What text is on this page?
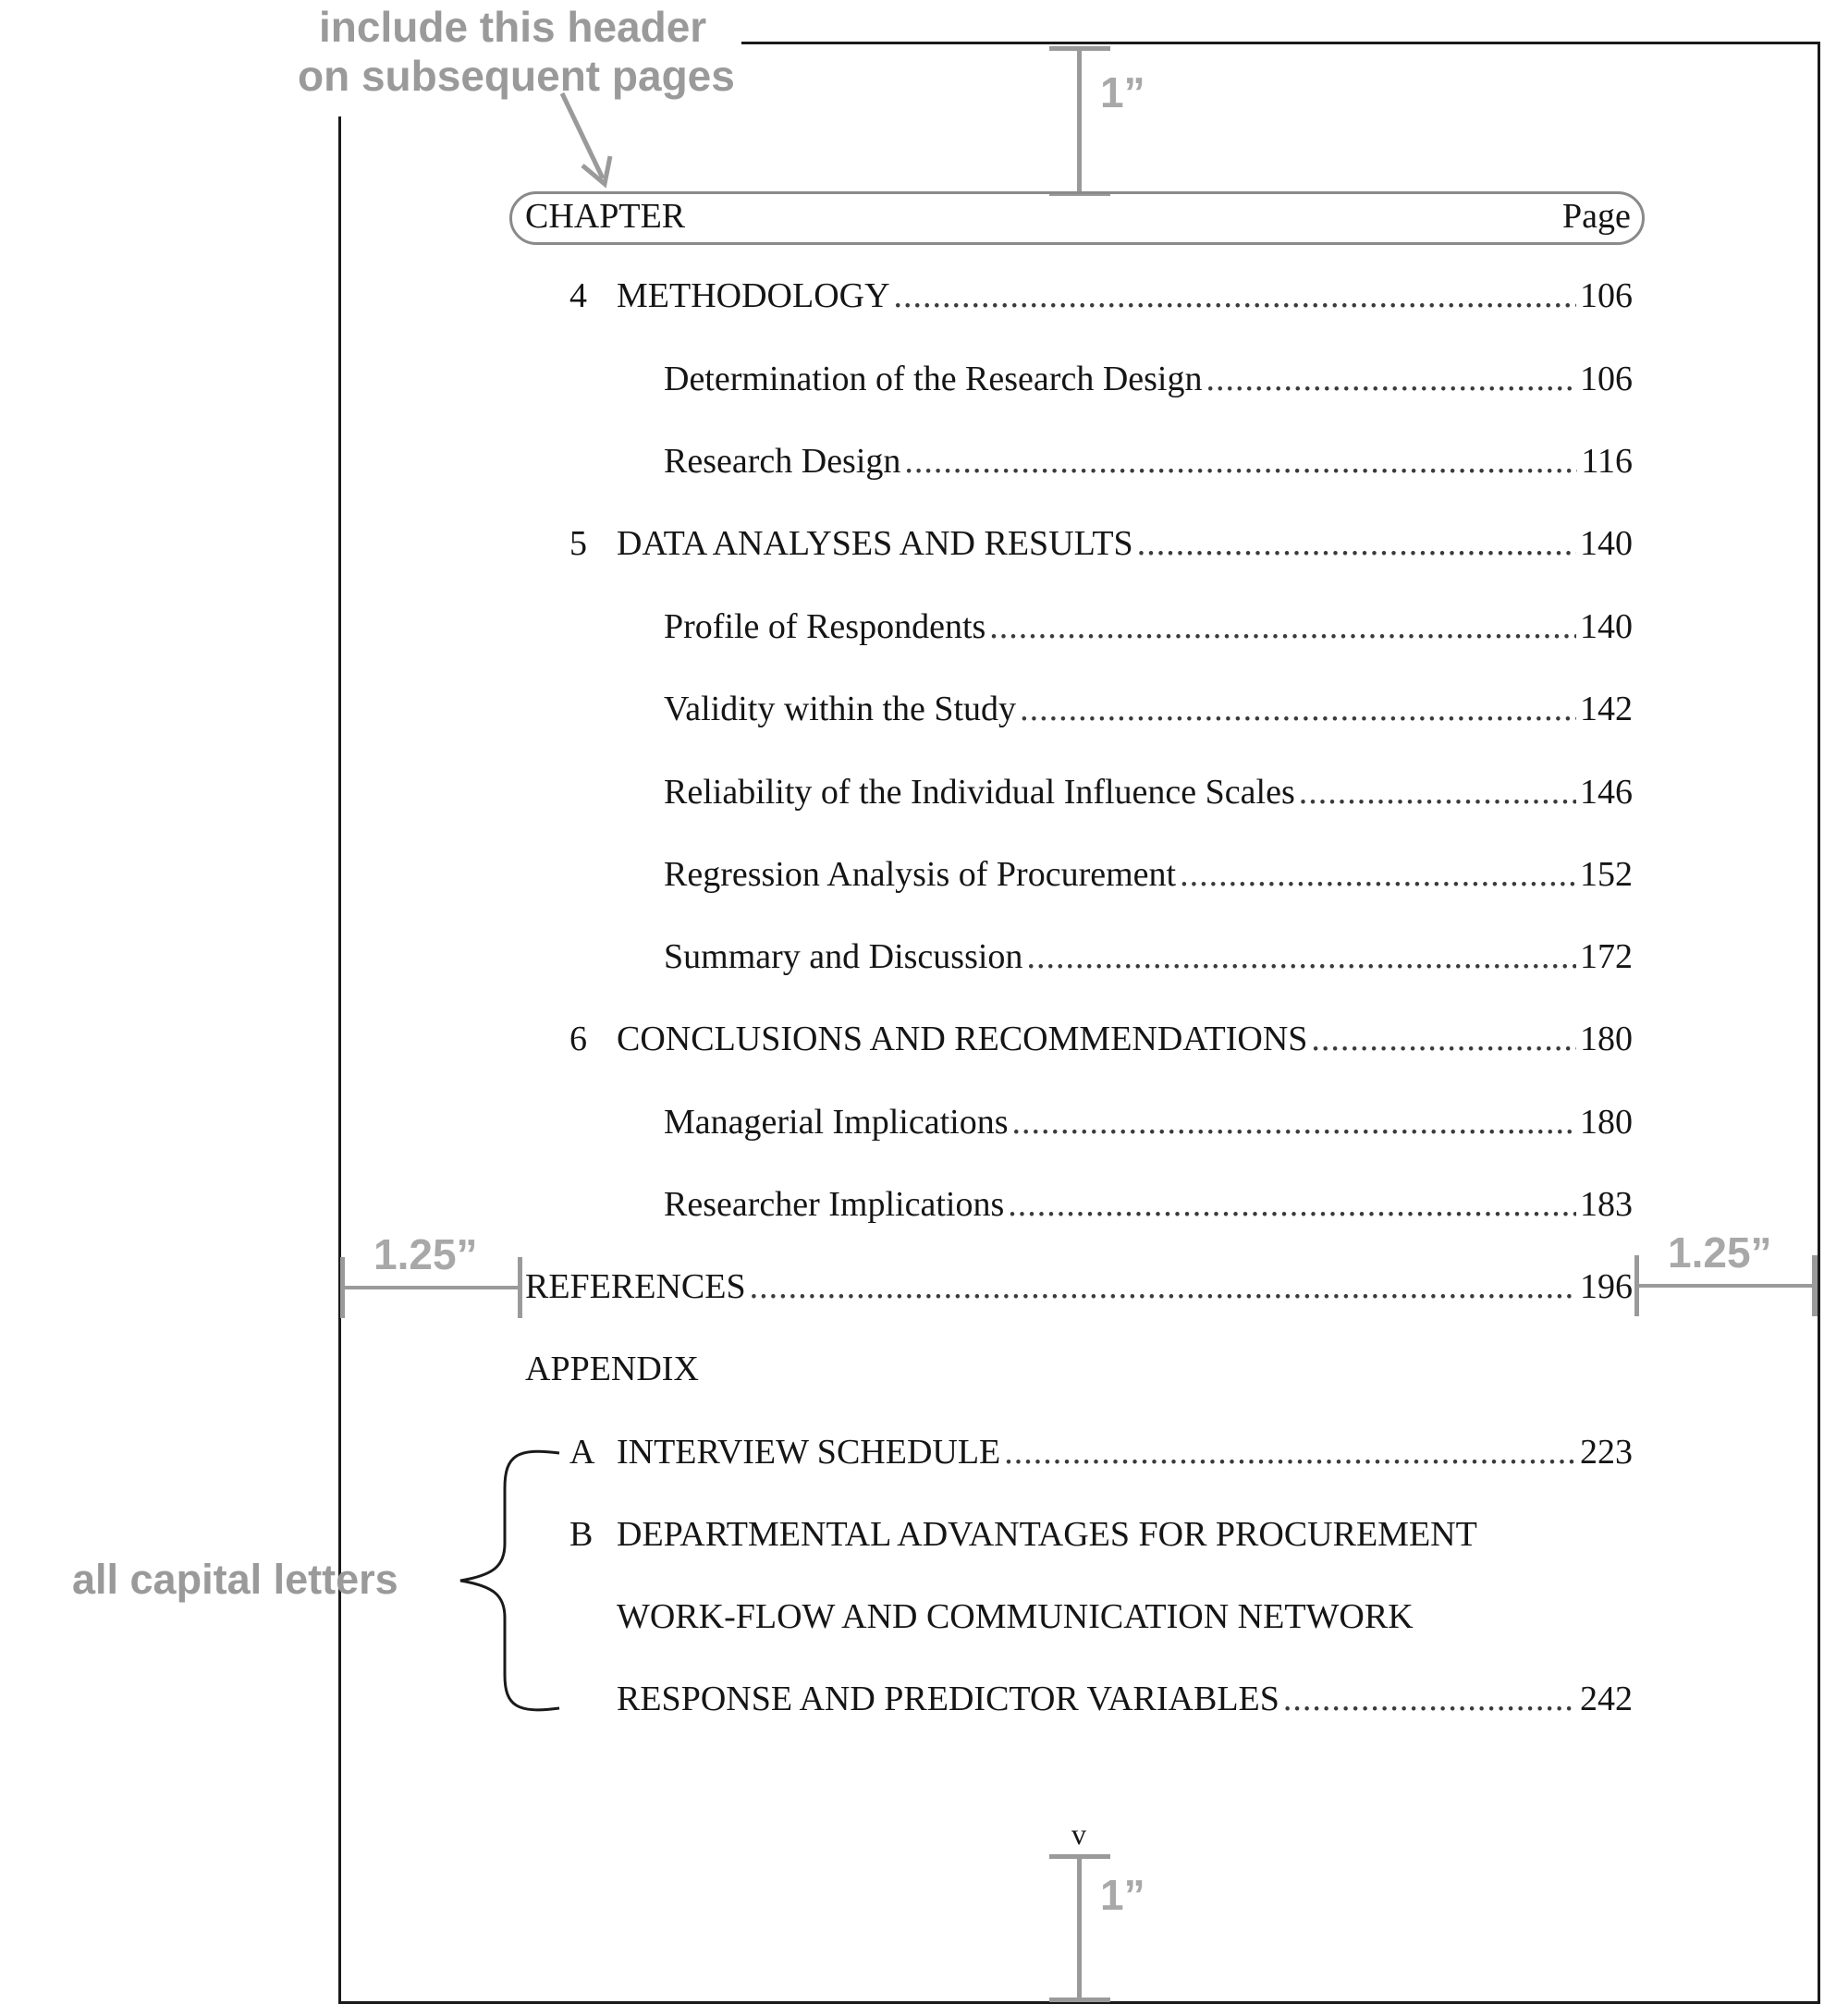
include this header
on subsequent pages	1”
CHAPTER	Page
4 METHODOLOGY .....	106
Determination of the Research Design .....	106
Research Design .....	116
5 DATA ANALYSES AND RESULTS .....	140
Profile of Respondents .....	140
Validity within the Study .....	142
Reliability of the Individual Influence Scales .....	146
Regression Analysis of Procurement .....	152
Summary and Discussion .....	172
6 CONCLUSIONS AND RECOMMENDATIONS .....	180
Managerial Implications .....	180
Researcher Implications .....	183
REFERENCES .....	196
APPENDIX
A INTERVIEW SCHEDULE .....	223
B DEPARTMENTAL ADVANTAGES FOR PROCUREMENT
WORK-FLOW AND COMMUNICATION NETWORK
RESPONSE AND PREDICTOR VARIABLES .....	242
1.25”	1.25”
all capital letters
v
1”
